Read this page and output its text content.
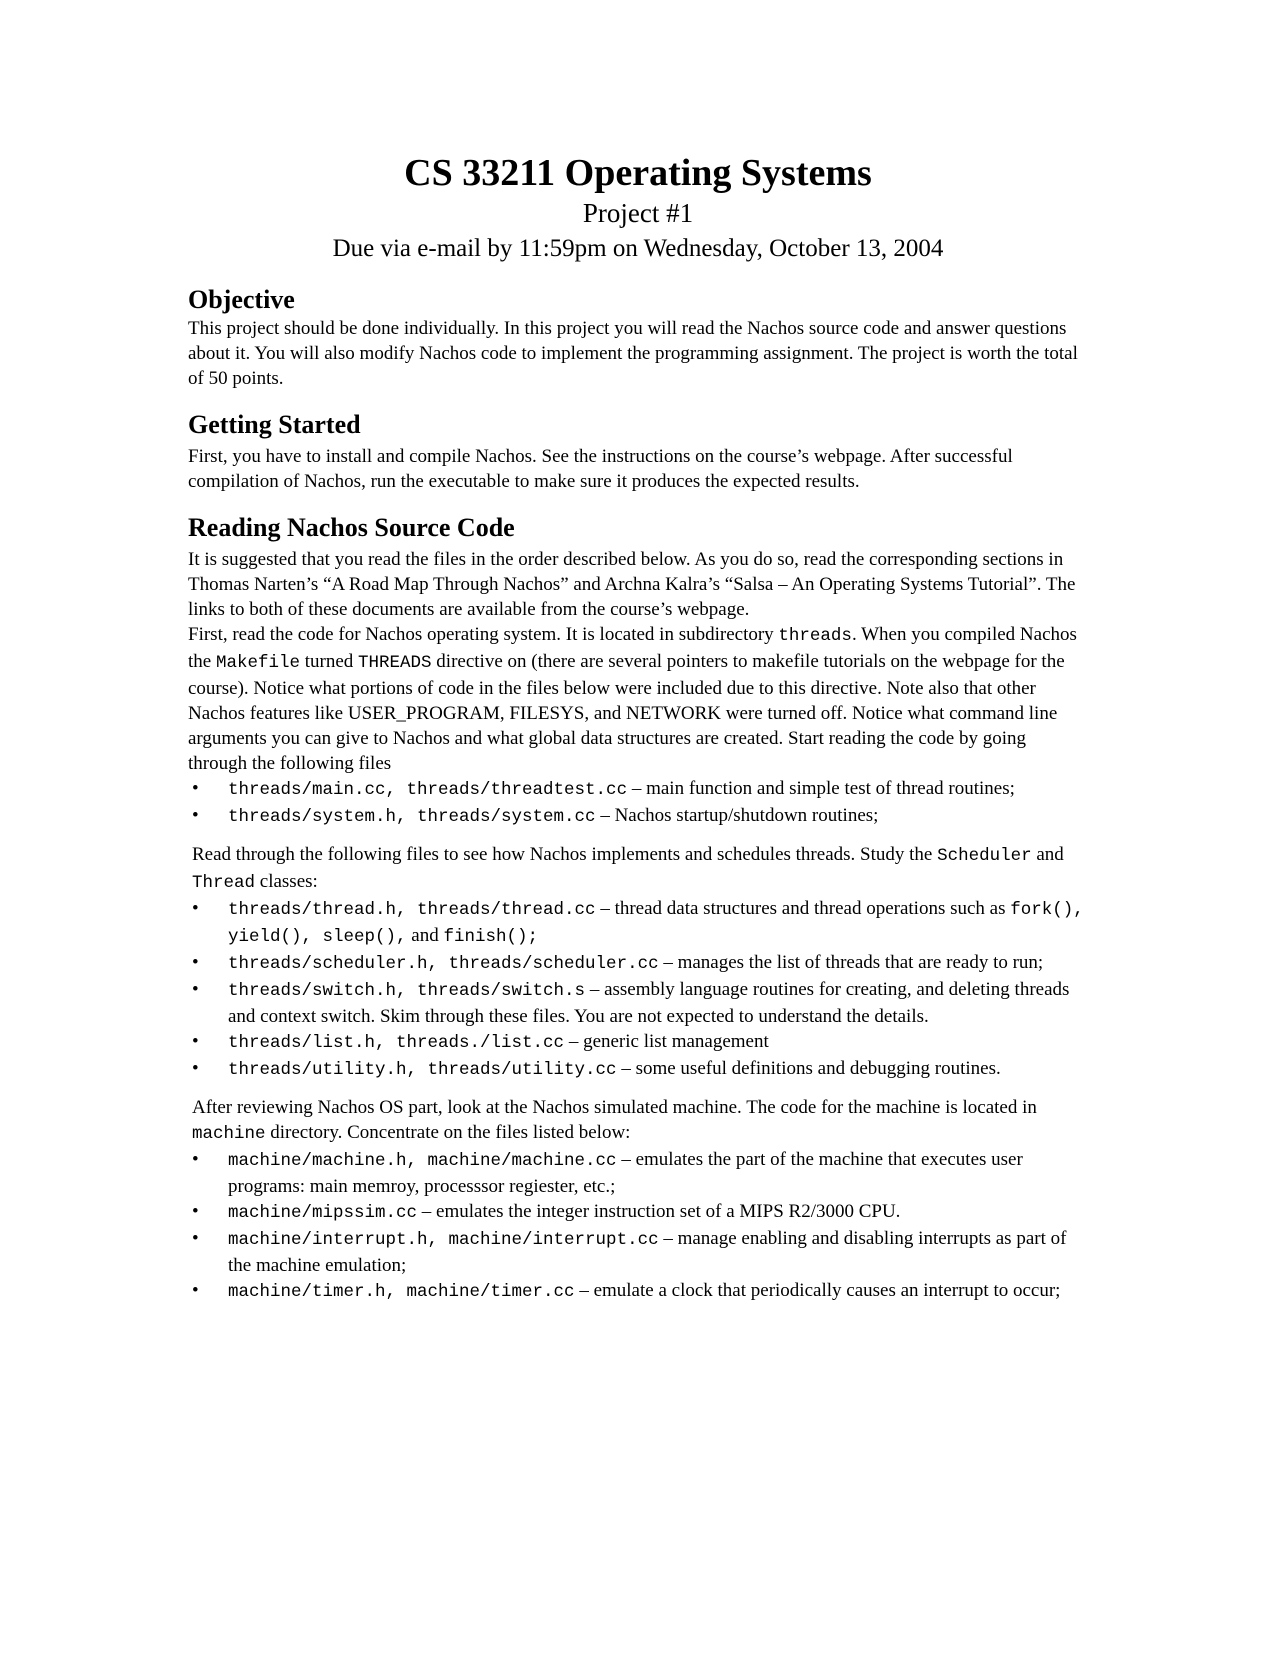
CS 33211 Operating Systems
Project #1
Due via e-mail by 11:59pm on Wednesday, October 13, 2004
Objective

This project should be done individually. In this project you will read the Nachos source code and answer questions about it. You will also modify Nachos code to implement the programming assignment. The project is worth the total of 50 points.

Getting Started

First, you have to install and compile Nachos. See the instructions on the course’s webpage. After successful compilation of Nachos, run the executable to make sure it produces the expected results.

Reading Nachos Source Code

It is suggested that you read the files in the order described below. As you do so, read the corresponding sections in Thomas Narten’s “A Road Map Through Nachos” and Archna Kalra’s “Salsa – An Operating Systems Tutorial”. The links to both of these documents are available from the course’s webpage.

First, read the code for Nachos operating system. It is located in subdirectory threads. When you compiled Nachos the Makefile turned THREADS directive on (there are several pointers to makefile tutorials on the webpage for the course). Notice what portions of code in the files below were included due to this directive. Note also that other Nachos features like USER_PROGRAM, FILESYS, and NETWORK were turned off. Notice what command line arguments you can give to Nachos and what global data structures are created. Start reading the code by going through the following files

• threads/main.cc, threads/threadtest.cc – main function and simple test of thread routines;
• threads/system.h, threads/system.cc – Nachos startup/shutdown routines;

Read through the following files to see how Nachos implements and schedules threads. Study the Scheduler and Thread classes:

• threads/thread.h, threads/thread.cc – thread data structures and thread operations such as fork(), yield(), sleep(), and finish();
• threads/scheduler.h, threads/scheduler.cc – manages the list of threads that are ready to run;
• threads/switch.h, threads/switch.s – assembly language routines for creating, and deleting threads and context switch. Skim through these files. You are not expected to understand the details.
• threads/list.h, threads./list.cc – generic list management
• threads/utility.h, threads/utility.cc – some useful definitions and debugging routines.

After reviewing Nachos OS part, look at the Nachos simulated machine. The code for the machine is located in machine directory. Concentrate on the files listed below:

• machine/machine.h, machine/machine.cc – emulates the part of the machine that executes user programs: main memroy, processsor regiester, etc.;
• machine/mipssim.cc – emulates the integer instruction set of a MIPS R2/3000 CPU.
• machine/interrupt.h, machine/interrupt.cc – manage enabling and disabling interrupts as part of the machine emulation;
• machine/timer.h, machine/timer.cc – emulate a clock that periodically causes an interrupt to occur;
